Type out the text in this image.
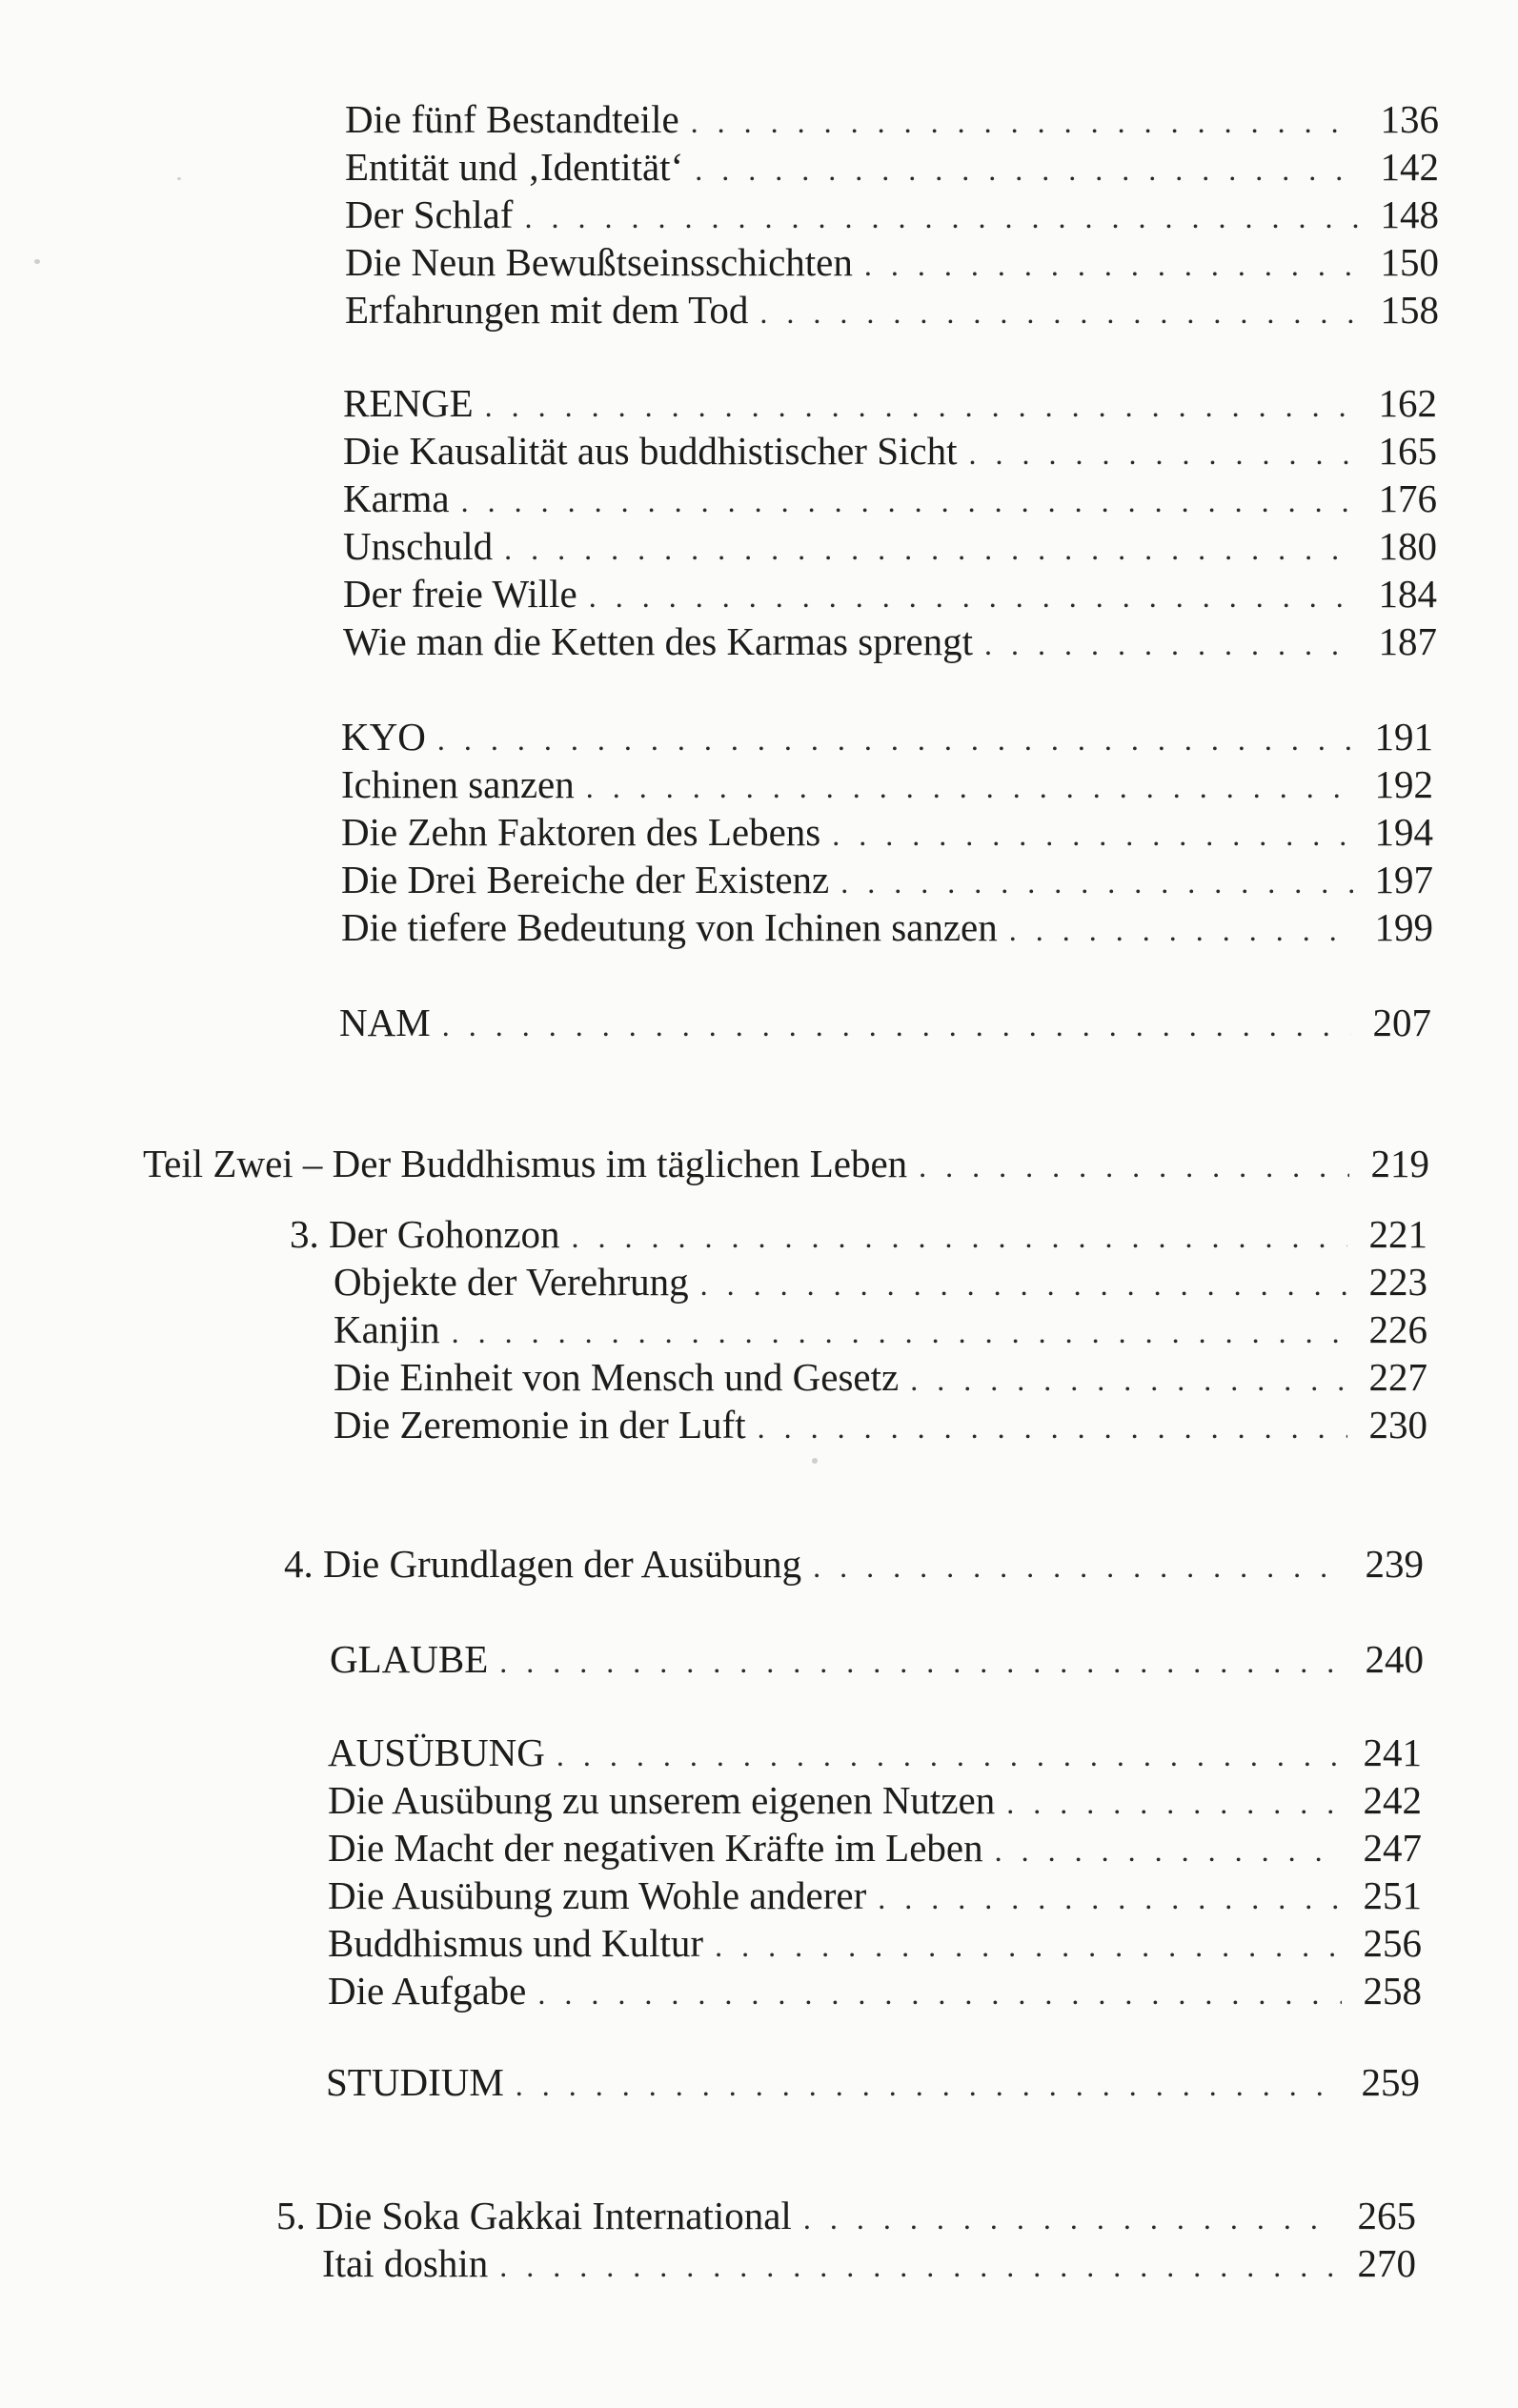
Die fünf Bestandteile . . .	136
Entität und ‚Identität‘ . . .	142
Der Schlaf . . .	148
Die Neun Bewußtseinsschichten . . .	150
Erfahrungen mit dem Tod . . .	158
RENGE . . .	162
Die Kausalität aus buddhistischer Sicht . . .	165
Karma . . .	176
Unschuld . . .	180
Der freie Wille . . .	184
Wie man die Ketten des Karmas sprengt . . .	187
KYO . . .	191
Ichinen sanzen . . .	192
Die Zehn Faktoren des Lebens . . .	194
Die Drei Bereiche der Existenz . . .	197
Die tiefere Bedeutung von Ichinen sanzen . . .	199
NAM . . .	207
Teil Zwei – Der Buddhismus im täglichen Leben . . .	219
3. Der Gohonzon . . .	221
Objekte der Verehrung . . .	223
Kanjin . . .	226
Die Einheit von Mensch und Gesetz . . .	227
Die Zeremonie in der Luft . . .	230
4. Die Grundlagen der Ausübung . . .	239
GLAUBE . . .	240
AUSÜBUNG . . .	241
Die Ausübung zu unserem eigenen Nutzen . . .	242
Die Macht der negativen Kräfte im Leben . . .	247
Die Ausübung zum Wohle anderer . . .	251
Buddhismus und Kultur . . .	256
Die Aufgabe . . .	258
STUDIUM . . .	259
5. Die Soka Gakkai International . . .	265
Itai doshin . . .	270
